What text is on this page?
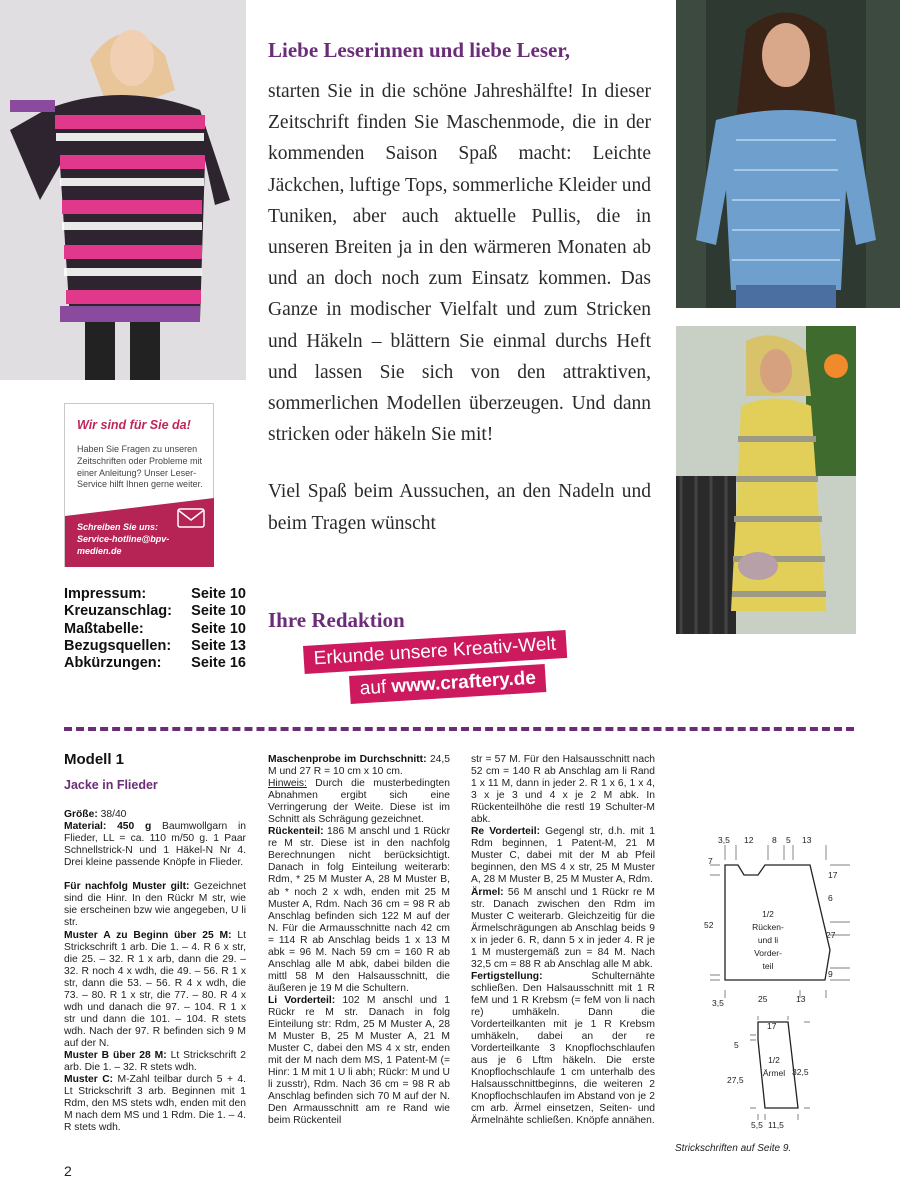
Liebe Leserinnen und liebe Leser,

starten Sie in die schöne Jahreshälfte! In dieser Zeitschrift finden Sie Maschenmode, die in der kommenden Saison Spaß macht: Leichte Jäckchen, luftige Tops, sommerliche Kleider und Tuniken, aber auch aktuelle Pullis, die in unseren Breiten ja in den wärmeren Monaten ab und an doch noch zum Einsatz kommen. Das Ganze in modischer Vielfalt und zum Stricken und Häkeln – blättern Sie einmal durchs Heft und lassen Sie sich von den attraktiven, sommerlichen Modellen überzeugen. Und dann stricken oder häkeln Sie mit!

Viel Spaß beim Aussuchen, an den Nadeln und beim Tragen wünscht

Ihre Redaktion
Wir sind für Sie da!
Haben Sie Fragen zu unseren Zeitschriften oder Probleme mit einer Anleitung? Unser Leser-Service hilft Ihnen gerne weiter.
Schreiben Sie uns:
Service-hotline@bpv-medien.de
Impressum:	Seite 10
Kreuzanschlag: Seite 10
Maßtabelle:	Seite 10
Bezugsquellen: Seite 13
Abkürzungen: Seite 16	Erkunde unsere Kreativ-Welt
auf www.craftery.de
Modell 1
Jacke in Flieder

Größe: 38/40

Material: 450 g Baumwollgarn in Flieder, LL = ca. 110 m/50 g. 1 Paar Schnellstrick-N und 1 Häkel-N Nr 4. Drei kleine passende Knöpfe in Flieder.

Für nachfolg Muster gilt: Gezeichnet sind die Hinr. In den Rückr M str, wie sie erscheinen bzw wie angegeben, U li str.

Muster A zu Beginn über 25 M: Lt Strickschrift 1 arb. Die 1. – 4. R 6 x str, die 25. – 32. R 1 x arb, dann die 29. – 32. R noch 4 x wdh, die 49. – 56. R 1 x str, dann die 53. – 56. R 4 x wdh, die 73. – 80. R 1 x str, die 77. – 80. R 4 x wdh und danach die 97. – 104. R 1 x str und dann die 101. – 104. R stets wdh. Nach der 97. R befinden sich 9 M auf der N.

Muster B über 28 M: Lt Strickschrift 2 arb. Die 1. – 32. R stets wdh.

Muster C: M-Zahl teilbar durch 5 + 4. Lt Strickschrift 3 arb. Beginnen mit 1 Rdm, den MS stets wdh, enden mit den M nach dem MS und 1 Rdm. Die 1. – 4. R stets wdh.

Maschenprobe im Durchschnitt: 24,5 M und 27 R = 10 cm x 10 cm.

Hinweis: Durch die musterbedingten Abnahmen ergibt sich eine Verringerung der Weite. Diese ist im Schnitt als Schrägung gezeichnet.

Rückenteil: 186 M anschl und 1 Rückr re M str. Diese ist in den nachfolg Berechnungen nicht berücksichtigt. Danach in folg Einteilung weiterarb: Rdm, * 25 M Muster A, 28 M Muster B, ab * noch 2 x wdh, enden mit 25 M Muster A, Rdm. Nach 36 cm = 98 R ab Anschlag befinden sich 122 M auf der N. Für die Armausschnitte nach 42 cm = 114 R ab Anschlag beids 1 x 13 M abk = 96 M. Nach 59 cm = 160 R ab Anschlag alle M abk, dabei bilden die mittl 58 M den Halsausschnitt, die äußeren je 19 M die Schultern.

Li Vorderteil: 102 M anschl und 1 Rückr re M str. Danach in folg Einteilung str: Rdm, 25 M Muster A, 28 M Muster B, 25 M Muster A, 21 M Muster C, dabei den MS 4 x str, enden mit der M nach dem MS, 1 Patent-M (= Hinr: 1 M mit 1 U li abh; Rückr: M und U li zusstr), Rdm. Nach 36 cm = 98 R ab Anschlag befinden sich 70 M auf der N. Den Armausschnitt am re Rand wie beim Rückenteil

str = 57 M. Für den Halsausschnitt nach 52 cm = 140 R ab Anschlag am li Rand 1 x 11 M, dann in jeder 2. R 1 x 6, 1 x 4, 3 x je 3 und 4 x je 2 M abk. In Rückenteilhöhe die restl 19 Schulter-M abk.

Re Vorderteil: Gegengl str, d.h. mit 1 Rdm beginnen, 1 Patent-M, 21 M Muster C, dabei mit der M ab Pfeil beginnen, den MS 4 x str, 25 M Muster A, 28 M Muster B, 25 M Muster A, Rdm.

Ärmel: 56 M anschl und 1 Rückr re M str. Danach zwischen den Rdm im Muster C weiterarb. Gleichzeitig für die Ärmelschrägungen ab Anschlag beids 9 x in jeder 6. R, dann 5 x in jeder 4. R je 1 M mustergemäß zun = 84 M. Nach 32,5 cm = 88 R ab Anschlag alle M abk.

Fertigstellung: Schulternähte schließen. Den Halsausschnitt mit 1 R feM und 1 R Krebsm (= feM von li nach re) umhäkeln. Dann die Vorderteilkanten mit je 1 R Krebsm umhäkeln, dabei an der re Vorderteilkante 3 Knopflochschlaufen aus je 6 Lftm häkeln. Die erste Knopflochschlaufe 1 cm unterhalb des Halsausschnittbeginns, die weiteren 2 Knopflochschlaufen im Abstand von je 2 cm arb. Ärmel einsetzen, Seiten- und Ärmelnähte schließen. Knöpfe annähen.

3,5 12 8 5 13
7
52
3,5
17
6
27
9
25	13
1/2
Rücken-
und li
Vorder-
teil
1/2
Ärmel
17
5
27,5
32,5
5,5 11,5
Strickschriften auf Seite 9.
2
